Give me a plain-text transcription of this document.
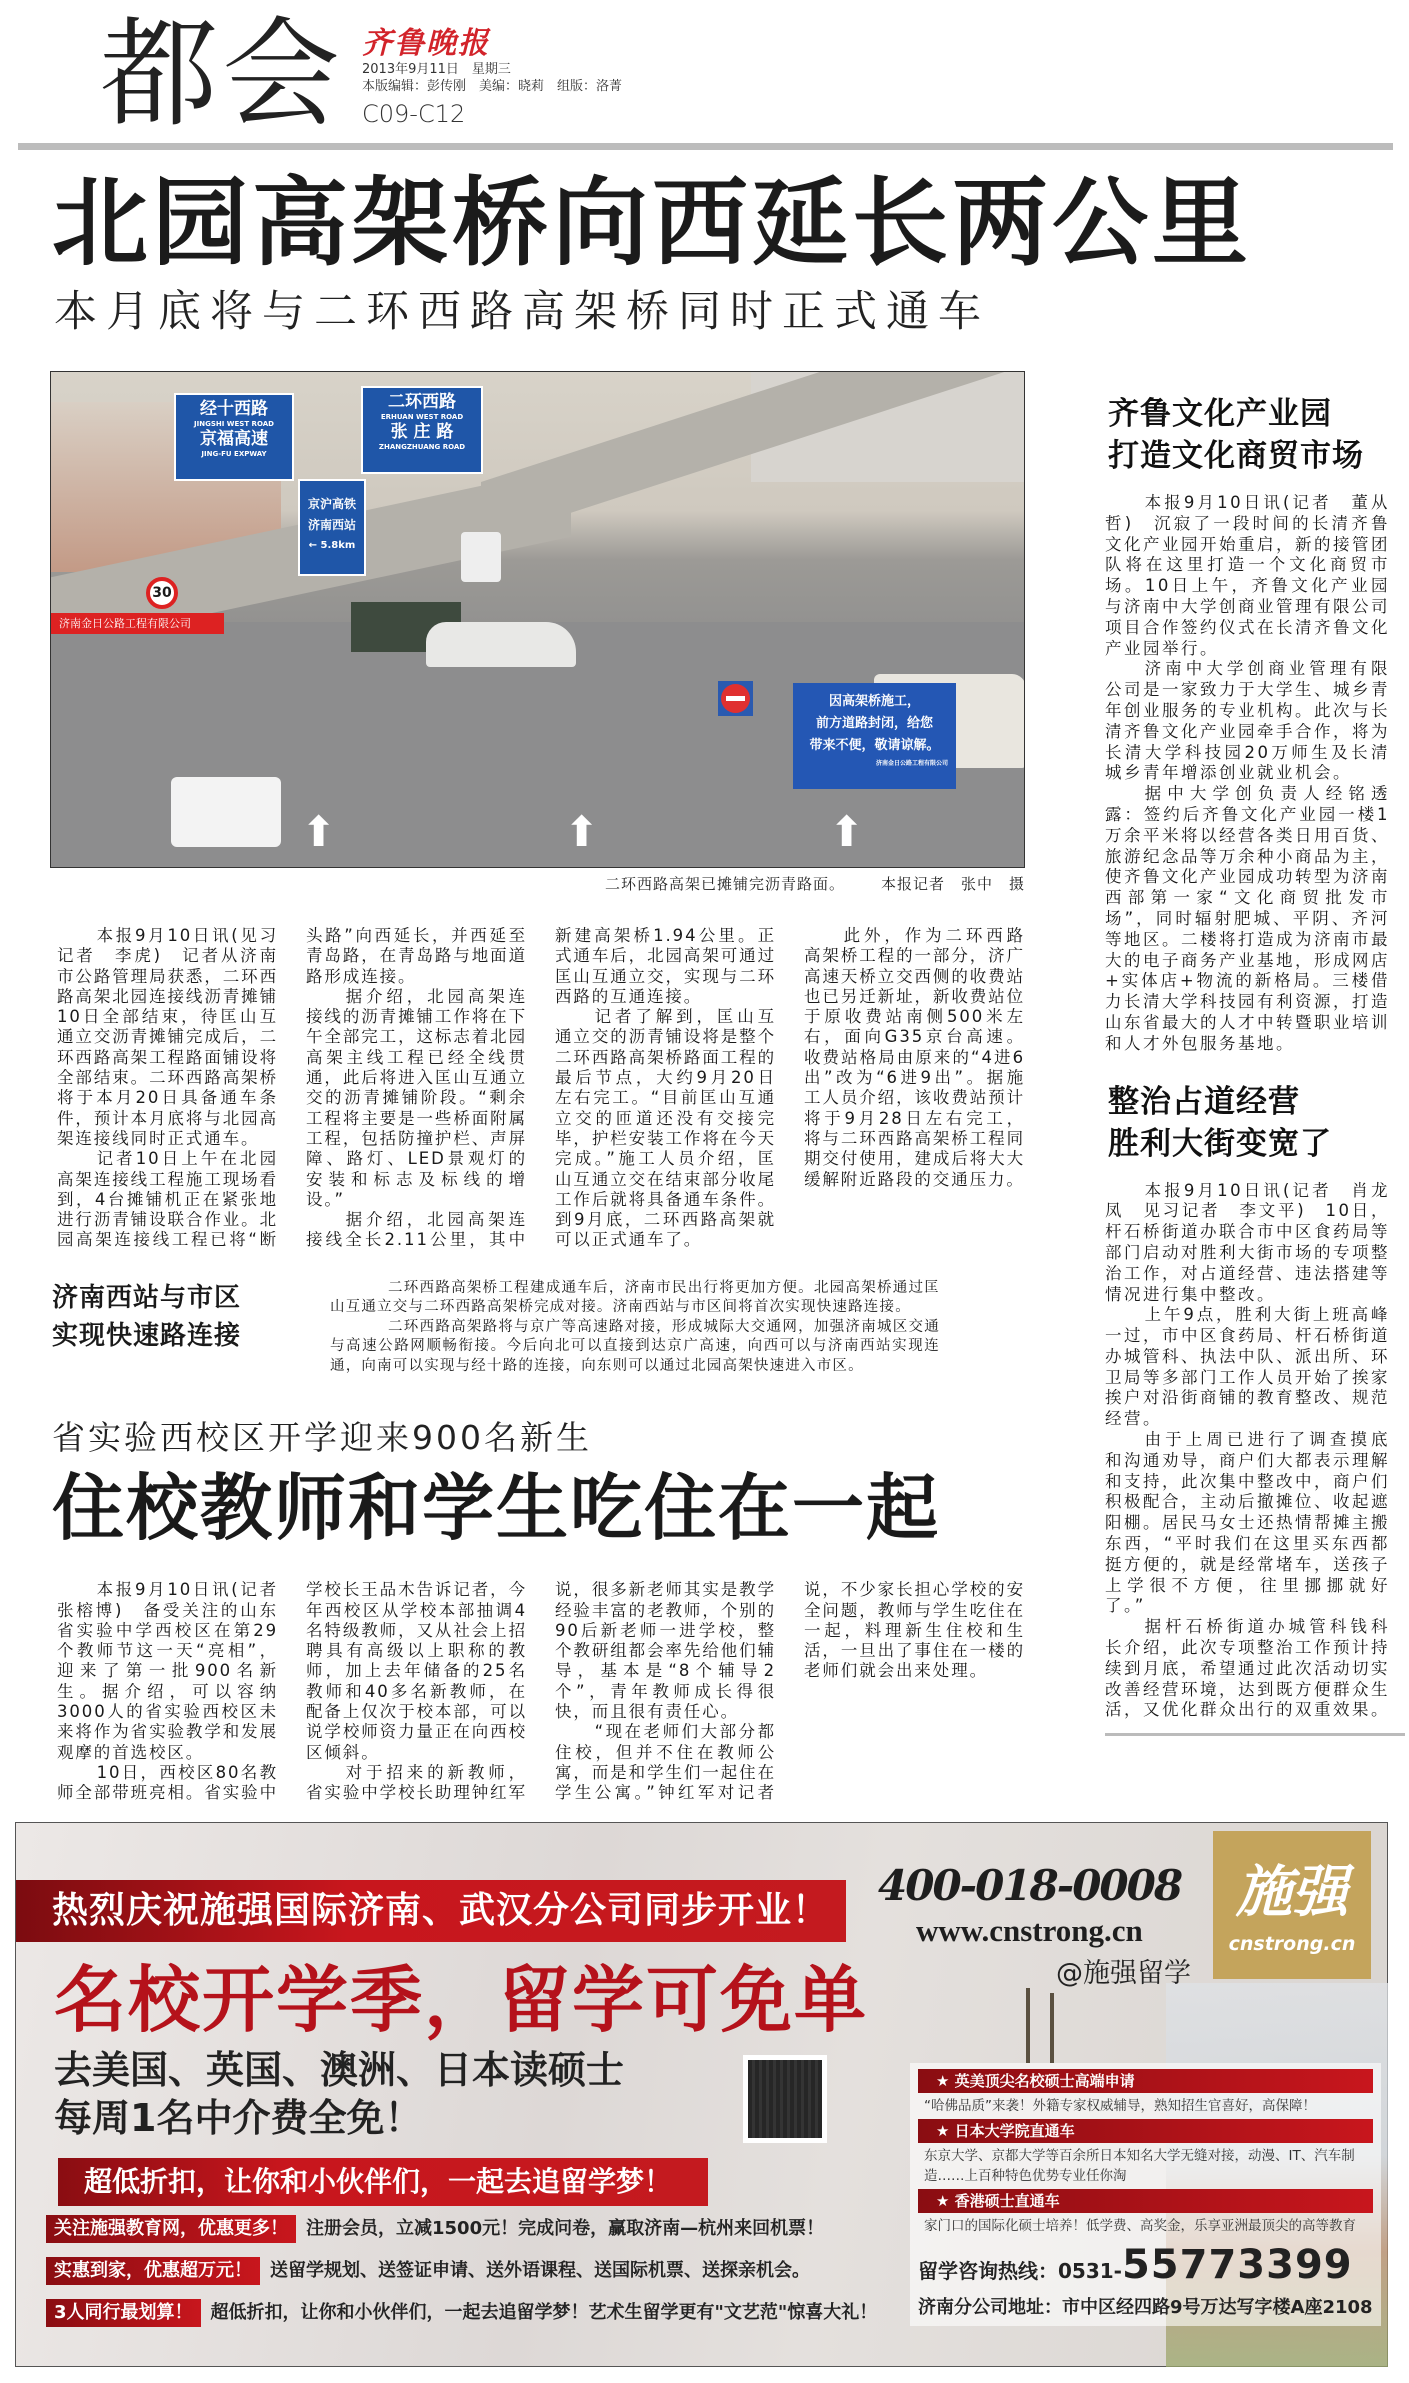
都会 齐鲁晚报
2013年9月11日　星期三
本版编辑：彭传刚　美编：晓莉　组版：洛菁
C09-C12
北园高架桥向西延长两公里
本月底将与二环西路高架桥同时正式通车
⬆	⬆	⬆
经十西路
JINGSHI WEST ROAD
京福高速
JING-FU EXPWAY
二环西路
ERHUAN WEST ROAD
张 庄 路
ZHANGZHUANG ROAD
京沪高铁
济南西站
← 5.8km
30
济南金日公路工程有限公司
因高架桥施工，
前方道路封闭，给您
带来不便，敬请谅解。
济南金日公路工程有限公司
二环西路高架已摊铺完沥青路面。 本报记者　张中　摄

本报9月10日讯(见习记者　李虎)　记者从济南市公路管理局获悉，二环西路高架北园连接线沥青摊铺10日全部结束，待匡山互通立交沥青摊铺完成后，二环西路高架工程路面铺设将全部结束。二环西路高架桥将于本月20日具备通车条件，预计本月底将与北园高架连接线同时正式通车。

记者10日上午在北园高架连接线工程施工现场看到，4台摊铺机正在紧张地进行沥青铺设联合作业。北园高架连接线工程已将“断头路”向西延长，并西延至青岛路，在青岛路与地面道路形成连接。

据介绍，北园高架连接线的沥青摊铺工作将在下午全部完工，这标志着北园高架主线工程已经全线贯通，此后将进入匡山互通立交的沥青摊铺阶段。“剩余工程将主要是一些桥面附属工程，包括防撞护栏、声屏障、路灯、LED景观灯的安装和标志及标线的增设。”

据介绍，北园高架连接线全长2.11公里，其中新建高架桥1.94公里。正式通车后，北园高架可通过匡山互通立交，实现与二环西路的互通连接。

记者了解到，匡山互通立交的沥青铺设将是整个二环西路高架桥路面工程的最后节点，大约9月20日左右完工。“目前匡山互通立交的匝道还没有交接完毕，护栏安装工作将在今天完成。”施工人员介绍，匡山互通立交在结束部分收尾工作后就将具备通车条件。到9月底，二环西路高架就可以正式通车了。

此外，作为二环西路高架桥工程的一部分，济广高速天桥立交西侧的收费站也已另迁新址，新收费站位于原收费站南侧500米左右，面向G35京台高速。收费站格局由原来的“4进6出”改为“6进9出”。据施工人员介绍，该收费站预计将于9月28日左右完工，将与二环西路高架桥工程同期交付使用，建成后将大大缓解附近路段的交通压力。

济南西站与市区
实现快速路连接

二环西路高架桥工程建成通车后，济南市民出行将更加方便。北园高架桥通过匡山互通立交与二环西路高架桥完成对接。济南西站与市区间将首次实现快速路连接。

二环西路高架路将与京广等高速路对接，形成城际大交通网，加强济南城区交通与高速公路网顺畅衔接。今后向北可以直接到达京广高速，向西可以与济南西站实现连通，向南可以实现与经十路的连接，向东则可以通过北园高架快速进入市区。

省实验西校区开学迎来900名新生
住校教师和学生吃住在一起

本报9月10日讯(记者　张榕博)　备受关注的山东省实验中学西校区在第29个教师节这一天“亮相”，迎来了第一批900名新生。据介绍，可以容纳3000人的省实验西校区未来将作为省实验教学和发展观摩的首选校区。

10日，西校区80名教师全部带班亮相。省实验中学校长王品木告诉记者，今年西校区从学校本部抽调4名特级教师，又从社会上招聘具有高级以上职称的教师，加上去年储备的25名教师和40多名新教师，在配备上仅次于校本部，可以说学校师资力量正在向西校区倾斜。

对于招来的新教师，省实验中学校长助理钟红军说，很多新老师其实是教学经验丰富的老教师，个别的90后新老师一进学校，整个教研组都会率先给他们辅导，基本是“8个辅导2个”，青年教师成长得很快，而且很有责任心。

“现在老师们大部分都住校，但并不住在教师公寓，而是和学生们一起住在学生公寓。”钟红军对记者说，不少家长担心学校的安全问题，教师与学生吃住在一起，料理新生住校和生活，一旦出了事住在一楼的老师们就会出来处理。

齐鲁文化产业园
打造文化商贸市场

本报9月10日讯(记者　董从哲)　沉寂了一段时间的长清齐鲁文化产业园开始重启，新的接管团队将在这里打造一个文化商贸市场。10日上午，齐鲁文化产业园与济南中大学创商业管理有限公司项目合作签约仪式在长清齐鲁文化产业园举行。

济南中大学创商业管理有限公司是一家致力于大学生、城乡青年创业服务的专业机构。此次与长清齐鲁文化产业园牵手合作，将为长清大学科技园20万师生及长清城乡青年增添创业就业机会。

据中大学创负责人经铭透露：签约后齐鲁文化产业园一楼1万余平米将以经营各类日用百货、旅游纪念品等万余种小商品为主，使齐鲁文化产业园成功转型为济南西部第一家“文化商贸批发市场”，同时辐射肥城、平阴、齐河等地区。二楼将打造成为济南市最大的电子商务产业基地，形成网店+实体店+物流的新格局。三楼借力长清大学科技园有利资源，打造山东省最大的人才中转暨职业培训和人才外包服务基地。

整治占道经营
胜利大街变宽了

本报9月10日讯(记者　肖龙凤　见习记者　李文平)　10日，杆石桥街道办联合市中区食药局等部门启动对胜利大街市场的专项整治工作，对占道经营、违法搭建等情况进行集中整改。

上午9点，胜利大街上班高峰一过，市中区食药局、杆石桥街道办城管科、执法中队、派出所、环卫局等多部门工作人员开始了挨家挨户对沿街商铺的教育整改、规范经营。

由于上周已进行了调查摸底和沟通劝导，商户们大都表示理解和支持，此次集中整改中，商户们积极配合，主动后撤摊位、收起遮阳棚。居民马女士还热情帮摊主搬东西，“平时我们在这里买东西都挺方便的，就是经常堵车，送孩子上学很不方便，往里挪挪就好了。”

据杆石桥街道办城管科钱科长介绍，此次专项整治工作预计持续到月底，希望通过此次活动切实改善经营环境，达到既方便群众生活，又优化群众出行的双重效果。

热烈庆祝施强国际济南、武汉分公司同步开业！
名校开学季，留学可免单
去美国、英国、澳洲、日本读硕士
每周1名中介费全免！
超低折扣，让你和小伙伴们，一起去追留学梦！
关注施强教育网，优惠更多！	注册会员，立减1500元！完成问卷，赢取济南—杭州来回机票！
实惠到家，优惠超万元！	送留学规划、送签证申请、送外语课程、送国际机票、送探亲机会。
3人同行最划算！	超低折扣，让你和小伙伴们，一起去追留学梦！艺术生留学更有"文艺范"惊喜大礼！
400-018-0008
www.cnstrong.cn
@施强留学
施强
cnstrong.cn
★ 英美顶尖名校硕士高端申请
“哈佛品质”来袭！外籍专家权威辅导，熟知招生官喜好，高保障！
★ 日本大学院直通车
东京大学、京都大学等百余所日本知名大学无缝对接，动漫、IT、汽车制造……上百种特色优势专业任你淘
★ 香港硕士直通车
家门口的国际化硕士培养！低学费、高奖金，乐享亚洲最顶尖的高等教育
留学咨询热线：0531-55773399
济南分公司地址：市中区经四路9号万达写字楼A座2108
